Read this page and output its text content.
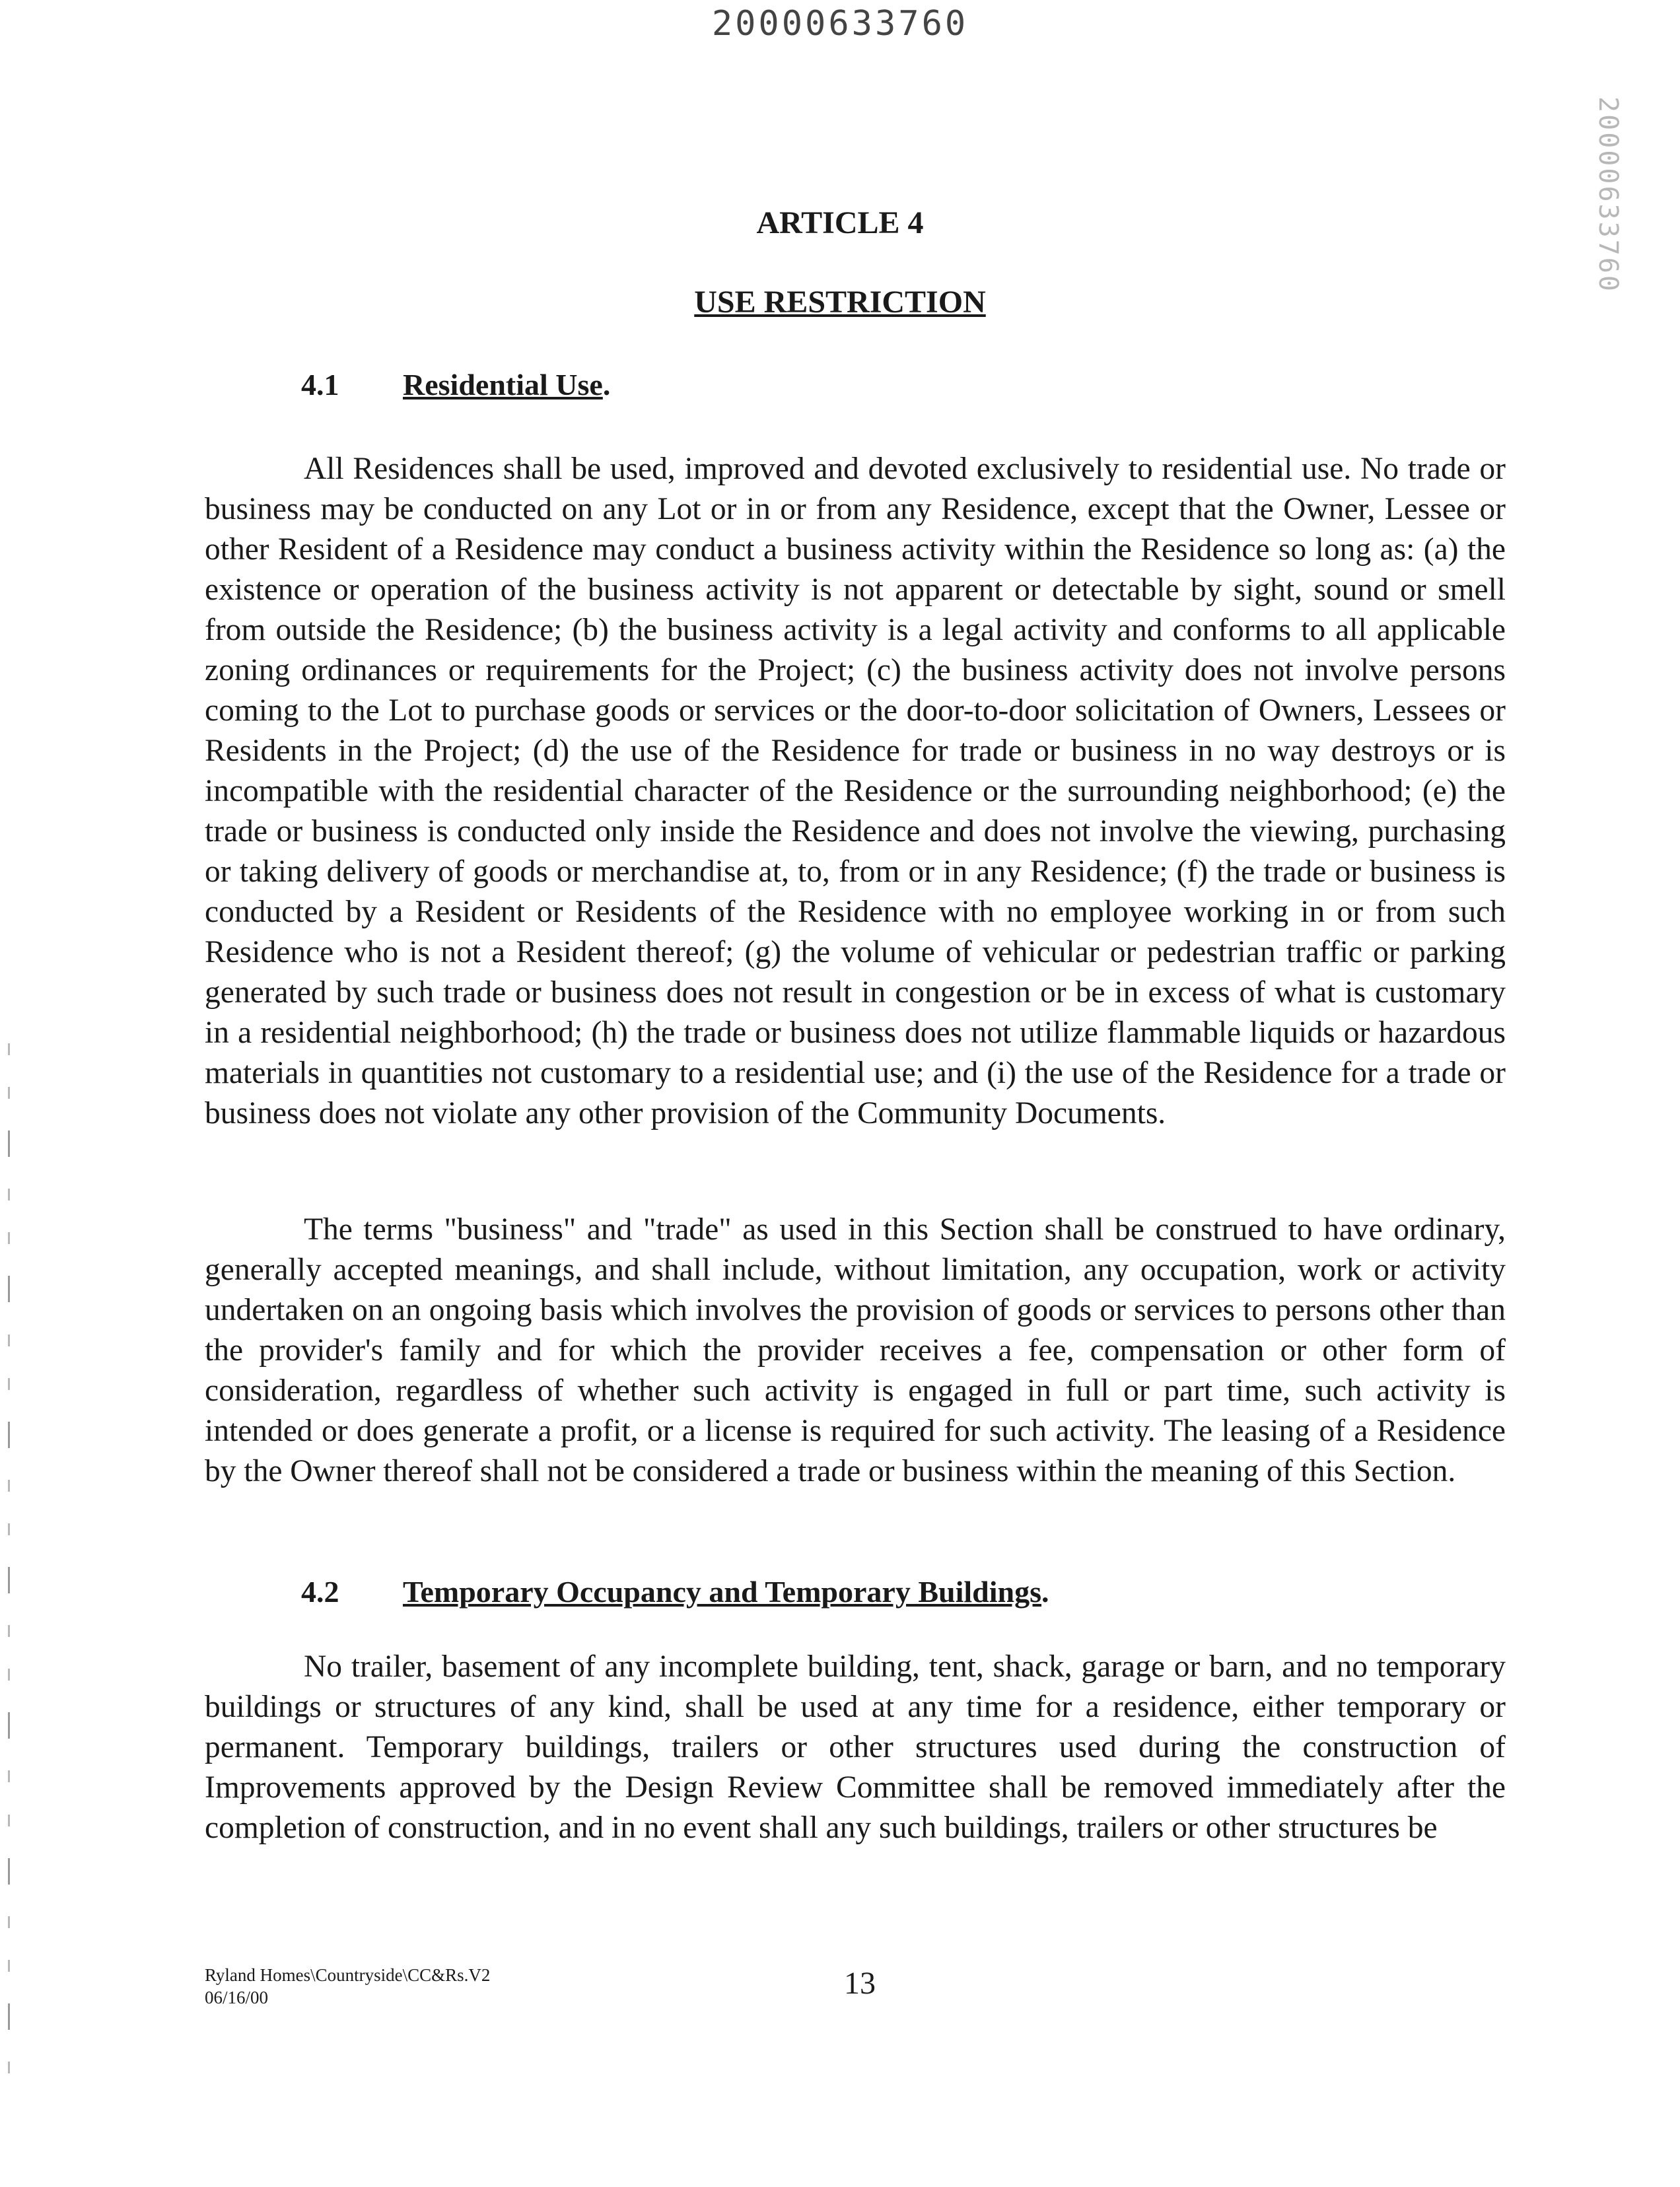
20000633760
20000633760
ARTICLE 4
USE RESTRICTION
4.1	Residential Use .

All Residences shall be used, improved and devoted exclusively to residential use. No trade or business may be conducted on any Lot or in or from any Residence, except that the Owner, Lessee or other Resident of a Residence may conduct a business activity within the Residence so long as: (a) the existence or operation of the business activity is not apparent or detectable by sight, sound or smell from outside the Residence; (b) the business activity is a legal activity and conforms to all applicable zoning ordinances or requirements for the Project; (c) the business activity does not involve persons coming to the Lot to purchase goods or services or the door-to-door solicitation of Owners, Lessees or Residents in the Project; (d) the use of the Residence for trade or business in no way destroys or is incompatible with the residential character of the Residence or the surrounding neighborhood; (e) the trade or business is conducted only inside the Residence and does not involve the viewing, purchasing or taking delivery of goods or merchandise at, to, from or in any Residence; (f) the trade or business is conducted by a Resident or Residents of the Residence with no employee working in or from such Residence who is not a Resident thereof; (g) the volume of vehicular or pedestrian traffic or parking generated by such trade or business does not result in congestion or be in excess of what is customary in a residential neighborhood; (h) the trade or business does not utilize flammable liquids or hazardous materials in quantities not customary to a residential use; and (i) the use of the Residence for a trade or business does not violate any other provision of the Community Documents.

The terms "business" and "trade" as used in this Section shall be construed to have ordinary, generally accepted meanings, and shall include, without limitation, any occupation, work or activity undertaken on an ongoing basis which involves the provision of goods or services to persons other than the provider's family and for which the provider receives a fee, compensation or other form of consideration, regardless of whether such activity is engaged in full or part time, such activity is intended or does generate a profit, or a license is required for such activity. The leasing of a Residence by the Owner thereof shall not be considered a trade or business within the meaning of this Section.

4.2	Temporary Occupancy and Temporary Buildings .

No trailer, basement of any incomplete building, tent, shack, garage or barn, and no temporary buildings or structures of any kind, shall be used at any time for a residence, either temporary or permanent. Temporary buildings, trailers or other structures used during the construction of Improvements approved by the Design Review Committee shall be removed immediately after the completion of construction, and in no event shall any such buildings, trailers or other structures be

Ryland Homes\Countryside\CC&Rs.V2
06/16/00	13
